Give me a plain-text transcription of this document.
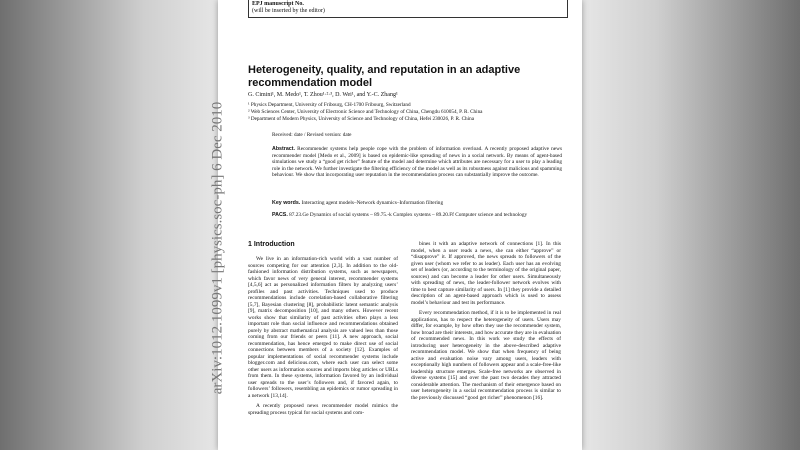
EPJ manuscript No.
(will be inserted by the editor)
arXiv:1012.1099v1 [physics.soc-ph] 6 Dec 2010
Heterogeneity, quality, and reputation in an adaptive recommendation model
G. Cimini¹, M. Medo¹, T. Zhou¹·²·³, D. Wei¹, and Y.-C. Zhang¹
¹ Physics Department, University of Fribourg, CH-1700 Fribourg, Switzerland
² Web Sciences Center, University of Electronic Science and Technology of China, Chengdu 610054, P. R. China
³ Department of Modern Physics, University of Science and Technology of China, Hefei 230026, P. R. China
Received: date / Revised version: date
Abstract. Recommender systems help people cope with the problem of information overload. A recently proposed adaptive news recommender model [Medo et al., 2009] is based on epidemic-like spreading of news in a social network. By means of agent-based simulations we study a “good get richer” feature of the model and determine which attributes are necessary for a user to play a leading role in the network. We further investigate the filtering efficiency of the model as well as its robustness against malicious and spamming behaviour. We show that incorporating user reputation in the recommendation process can substantially improve the outcome.
Key words. Interacting agent models–Network dynamics–Information filtering
PACS. 87.23.Ge Dynamics of social systems – 89.75.-k Complex systems – 89.20.Ff Computer science and technology
1 Introduction

We live in an information-rich world with a vast number of sources competing for our attention [2,3]. In addition to the old-fashioned information distribution systems, such as newspapers, which favor news of very general interest, recommender systems [4,5,6] act as personalized information filters by analyzing users’ profiles and past activities. Techniques used to produce recommendations include correlation-based collaborative filtering [5,7], Bayesian clustering [8], probabilistic latent semantic analysis [9], matrix decomposition [10], and many others. However recent works show that similarity of past activities often plays a less important role than social influence and recommendations obtained purely by abstract mathematical analysis are valued less than those coming from our friends or peers [11]. A new approach, social recommendation, has hence emerged to make direct use of social connections between members of a society [12]. Examples of popular implementations of social recommender systems include blogger.com and delicious.com, where each user can select some other users as information sources and imports blog articles or URLs from them. In these systems, information favored by an individual user spreads to the user’s followers and, if favored again, to followers’ followers, resembling an epidemics or rumor spreading in a network [13,14].

A recently proposed news recommender model mimics the spreading process typical for social systems and com-

bines it with an adaptive network of connections [1]. In this model, when a user reads a news, she can either “approve” or “disapprove” it. If approved, the news spreads to followers of the given user (whom we refer to as leader). Each user has an evolving set of leaders (or, according to the terminology of the original paper, sources) and can become a leader for other users. Simultaneously with spreading of news, the leader-follower network evolves with time to best capture similarity of users. In [1] they provide a detailed description of an agent-based approach which is used to assess model’s behaviour and test its performance.

Every recommendation method, if it is to be implemented in real applications, has to respect the heterogeneity of users. Users may differ, for example, by how often they use the recommender system, how broad are their interests, and how accurate they are in evaluation of recommended news. In this work we study the effects of introducing user heterogeneity in the above-described adaptive recommendation model. We show that when frequency of being active and evaluation noise vary among users, leaders with exceptionally high numbers of followers appear and a scale-free-like leadership structure emerges. Scale-free networks are observed in diverse systems [15] and over the past two decades they attracted considerable attention. The mechanism of their emergence based on user heterogeneity in a social recommendation process is similar to the previously discussed “good get richer” phenomenon [16].
